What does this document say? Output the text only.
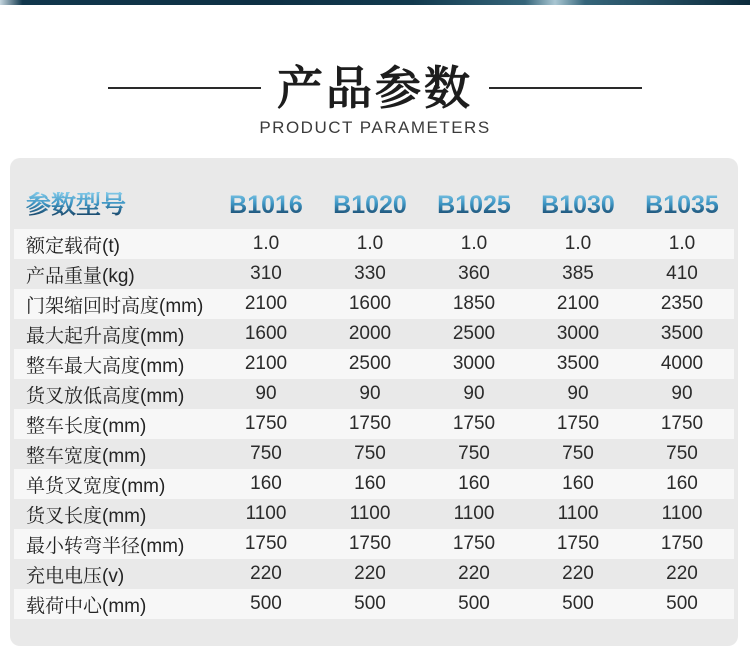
产品参数
PRODUCT PARAMETERS
参数型号	B1016	B1020	B1025	B1030	B1035
额定载荷(t)	1.0	1.0	1.0	1.0	1.0
产品重量(kg)	310	330	360	385	410
门架缩回时高度(mm)	2100	1600	1850	2100	2350
最大起升高度(mm)	1600	2000	2500	3000	3500
整车最大高度(mm)	2100	2500	3000	3500	4000
货叉放低高度(mm)	90	90	90	90	90
整车长度(mm)	1750	1750	1750	1750	1750
整车宽度(mm)	750	750	750	750	750
单货叉宽度(mm)	160	160	160	160	160
货叉长度(mm)	1100	1100	1100	1100	1100
最小转弯半径(mm)	1750	1750	1750	1750	1750
充电电压(v)	220	220	220	220	220
载荷中心(mm)	500	500	500	500	500
